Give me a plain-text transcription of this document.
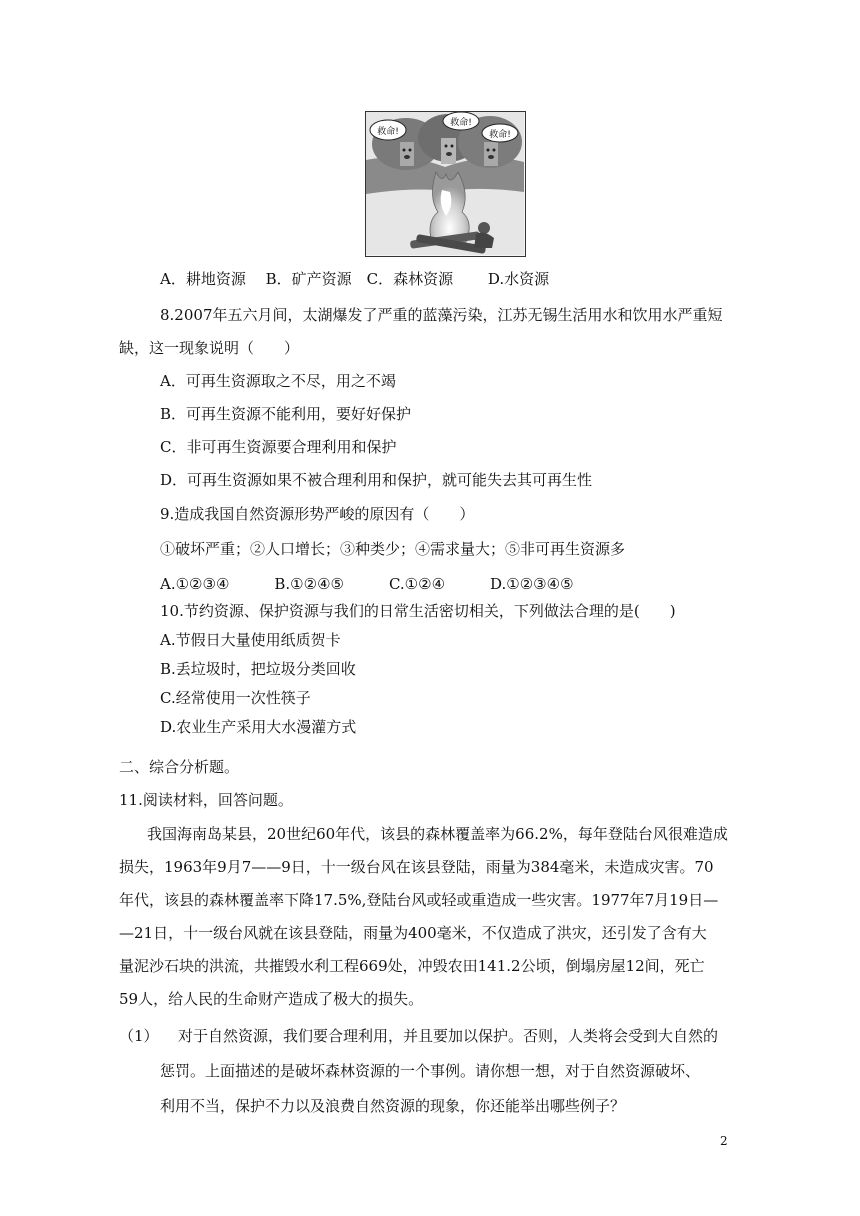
救命!
救命!
救命!
A．耕地资源　 B．矿产资源　C．森林资源　　 D.水资源
8.2007年五六月间，太湖爆发了严重的蓝藻污染，江苏无锡生活用水和饮用水严重短
缺，这一现象说明（　　）
A．可再生资源取之不尽，用之不竭
B．可再生资源不能利用，要好好保护
C．非可再生资源要合理利用和保护
D．可再生资源如果不被合理利用和保护，就可能失去其可再生性
9.造成我国自然资源形势严峻的原因有（　　）
①破坏严重；②人口增长；③种类少；④需求量大；⑤非可再生资源多
A.①②③④　　　B.①②④⑤　　　C.①②④　　　D.①②③④⑤
10.节约资源、保护资源与我们的日常生活密切相关，下列做法合理的是(　　)
A.节假日大量使用纸质贺卡
B.丢垃圾时，把垃圾分类回收
C.经常使用一次性筷子
D.农业生产采用大水漫灌方式
二、综合分析题。
11.阅读材料，回答问题。
我国海南岛某县，20世纪60年代，该县的森林覆盖率为66.2%，每年登陆台风很难造成
损失，1963年9月7——9日，十一级台风在该县登陆，雨量为384毫米，未造成灾害。70
年代，该县的森林覆盖率下降17.5%,登陆台风或轻或重造成一些灾害。1977年7月19日—
—21日，十一级台风就在该县登陆，雨量为400毫米，不仅造成了洪灾，还引发了含有大
量泥沙石块的洪流，共摧毁水利工程669处，冲毁农田141.2公顷，倒塌房屋12间，死亡
59人，给人民的生命财产造成了极大的损失。
（1） 对于自然资源，我们要合理利用，并且要加以保护。否则，人类将会受到大自然的
惩罚。上面描述的是破坏森林资源的一个事例。请你想一想，对于自然资源破坏、
利用不当，保护不力以及浪费自然资源的现象，你还能举出哪些例子？
2
